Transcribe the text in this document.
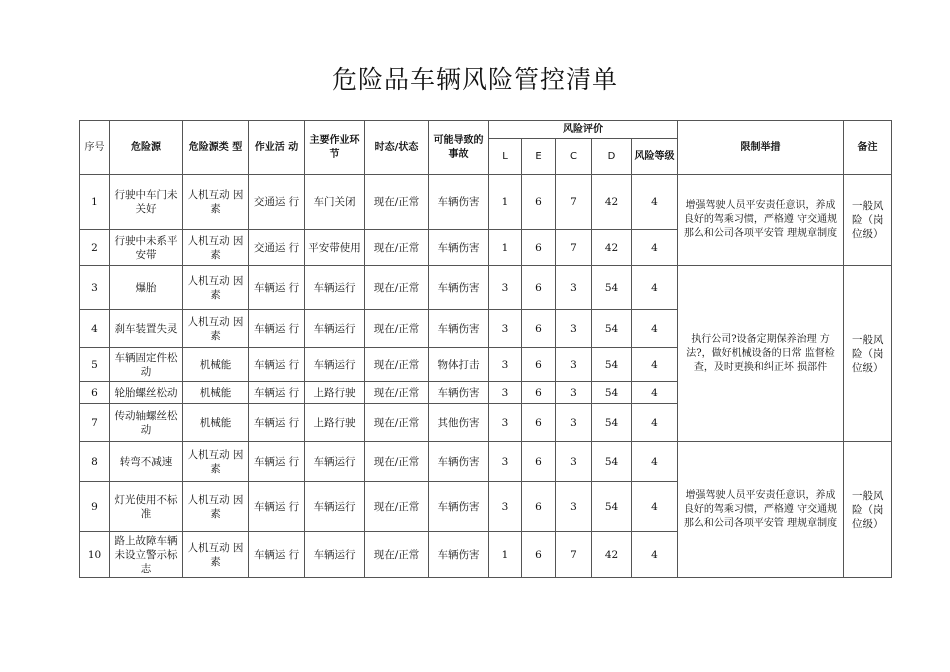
危险品车辆风险管控清单
序号	危险源	危险源类 型	作业活 动	主要作业环节	时态/状态	可能导致的事故	风险评价					限制举措	备注
							L	E	C	D	风险等级		
1	行驶中车门未关好	人机互动 因素	交通运 行	车门关闭	现在/正常	车辆伤害	1	6	7	42	4	增强驾驶人员平安责任意识，养成良好的驾乘习惯，严格遵 守交通规那么和公司各项平安管 理规章制度	一般风险（岗位级）
2	行驶中未系平安带	人机互动 因素	交通运 行	平安带使用	现在/正常	车辆伤害	1	6	7	42	4		
3	爆胎	人机互动 因素	车辆运 行	车辆运行	现在/正常	车辆伤害	3	6	3	54	4	执行公司?设备定期保养治理 方法?，做好机械设备的日常 监督检查，及时更换和纠正坏 损部件	一般风险（岗位级）
4	刹车装置失灵	人机互动 因素	车辆运 行	车辆运行	现在/正常	车辆伤害	3	6	3	54	4		
5	车辆固定件松动	机械能	车辆运 行	车辆运行	现在/正常	物体打击	3	6	3	54	4		
6	轮胎螺丝松动	机械能	车辆运 行	上路行驶	现在/正常	车辆伤害	3	6	3	54	4		
7	传动轴螺丝松动	机械能	车辆运 行	上路行驶	现在/正常	其他伤害	3	6	3	54	4		
8	转弯不减速	人机互动 因素	车辆运 行	车辆运行	现在/正常	车辆伤害	3	6	3	54	4	增强驾驶人员平安责任意识，养成良好的驾乘习惯，严格遵 守交通规那么和公司各项平安管 理规章制度	一般风险（岗位级）
9	灯光使用不标准	人机互动 因素	车辆运 行	车辆运行	现在/正常	车辆伤害	3	6	3	54	4		
10	路上故障车辆未设立警示标志	人机互动 因素	车辆运 行	车辆运行	现在/正常	车辆伤害	1	6	7	42	4		
